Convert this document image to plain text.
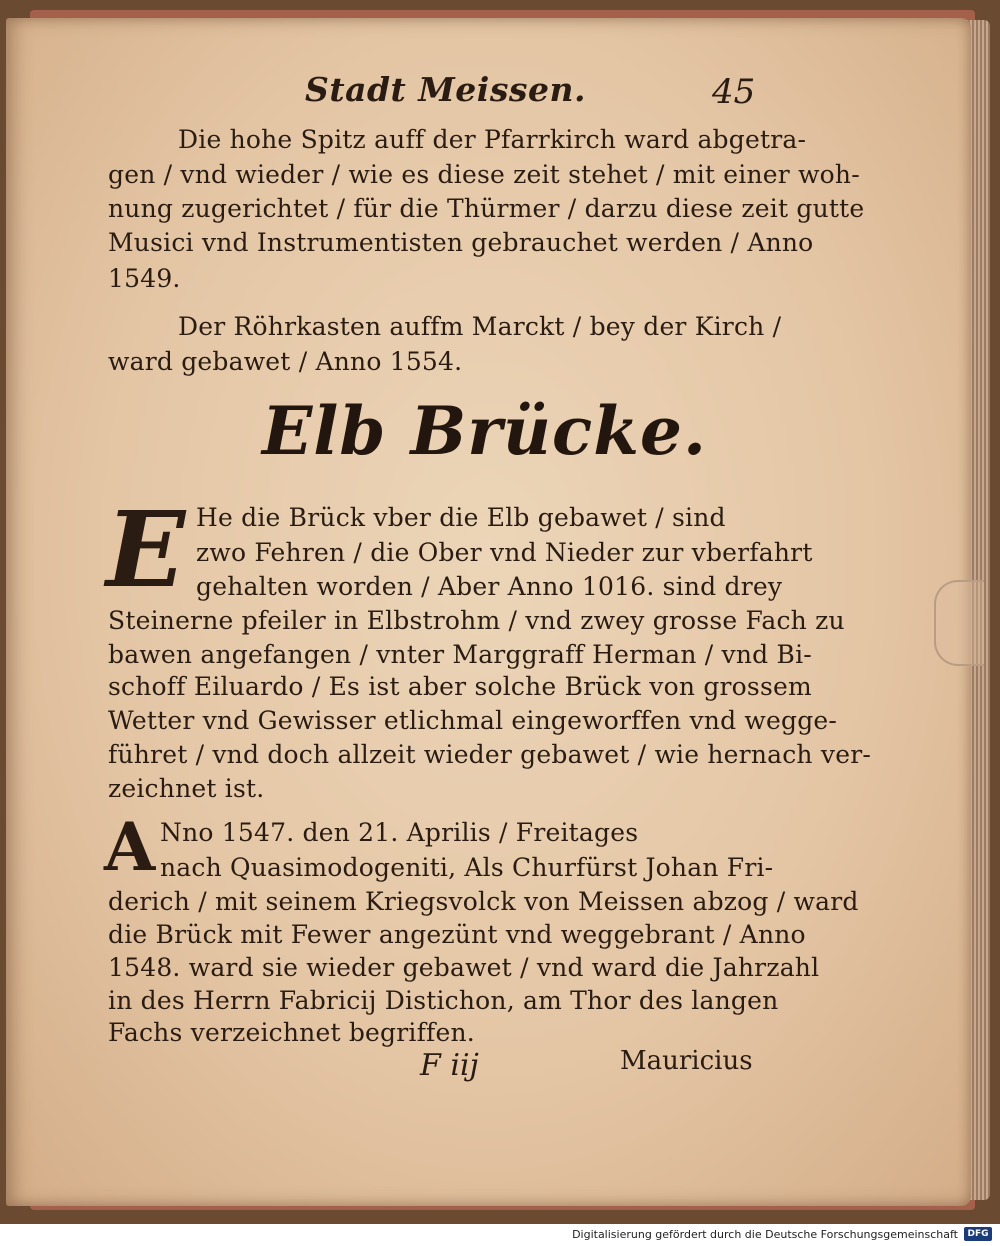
Stadt Meissen.	45
Die hohe Spitz auff der Pfarrkirch ward abgetra-
gen / vnd wieder / wie es diese zeit stehet / mit einer woh-
nung zugerichtet / für die Thürmer / darzu diese zeit gutte
Musici vnd Instrumentisten gebrauchet werden / Anno
1549.
Der Röhrkasten auffm Marckt / bey der Kirch /
ward gebawet / Anno 1554.
Elb Brücke.
E He die Brück vber die Elb gebawet / sind
zwo Fehren / die Ober vnd Nieder zur vberfahrt
gehalten worden / Aber Anno 1016. sind drey
Steinerne pfeiler in Elbstrohm / vnd zwey grosse Fach zu
bawen angefangen / vnter Marggraff Herman / vnd Bi-
schoff Eiluardo / Es ist aber solche Brück von grossem
Wetter vnd Gewisser etlichmal eingeworffen vnd wegge-
führet / vnd doch allzeit wieder gebawet / wie hernach ver-
zeichnet ist.
A Nno 1547. den 21. Aprilis / Freitages
nach Quasimodogeniti, Als Churfürst Johan Fri-
derich / mit seinem Kriegsvolck von Meissen abzog / ward
die Brück mit Fewer angezünt vnd weggebrant / Anno
1548. ward sie wieder gebawet / vnd ward die Jahrzahl
in des Herrn Fabricij Distichon, am Thor des langen
Fachs verzeichnet begriffen.
F iij	Mauricius
Digitalisierung gefördert durch die Deutsche Forschungsgemeinschaft	DFG
